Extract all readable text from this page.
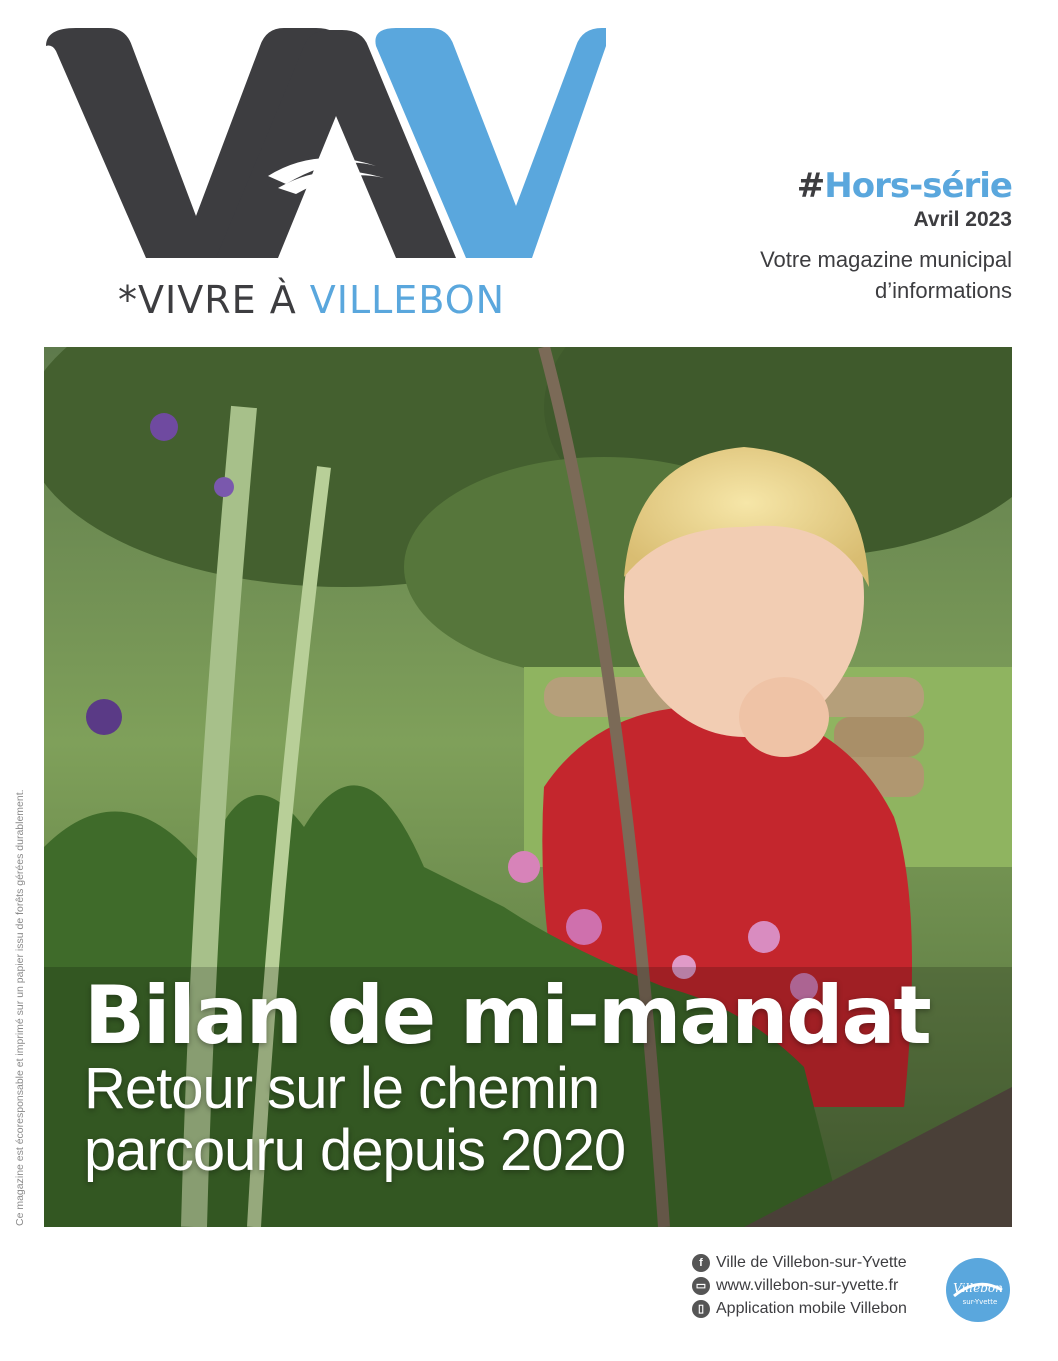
*VIVRE À VILLEBON
#Hors-série
Avril 2023
Votre magazine municipal
d’informations
Bilan de mi-mandat
Retour sur le chemin
parcouru depuis 2020
Ce magazine est écoresponsable et imprimé sur un papier issu de forêts gérées durablement.
f Ville de Villebon-sur-Yvette
▭ www.villebon-sur-yvette.fr
▯ Application mobile Villebon
Villebon
sur-Yvette
